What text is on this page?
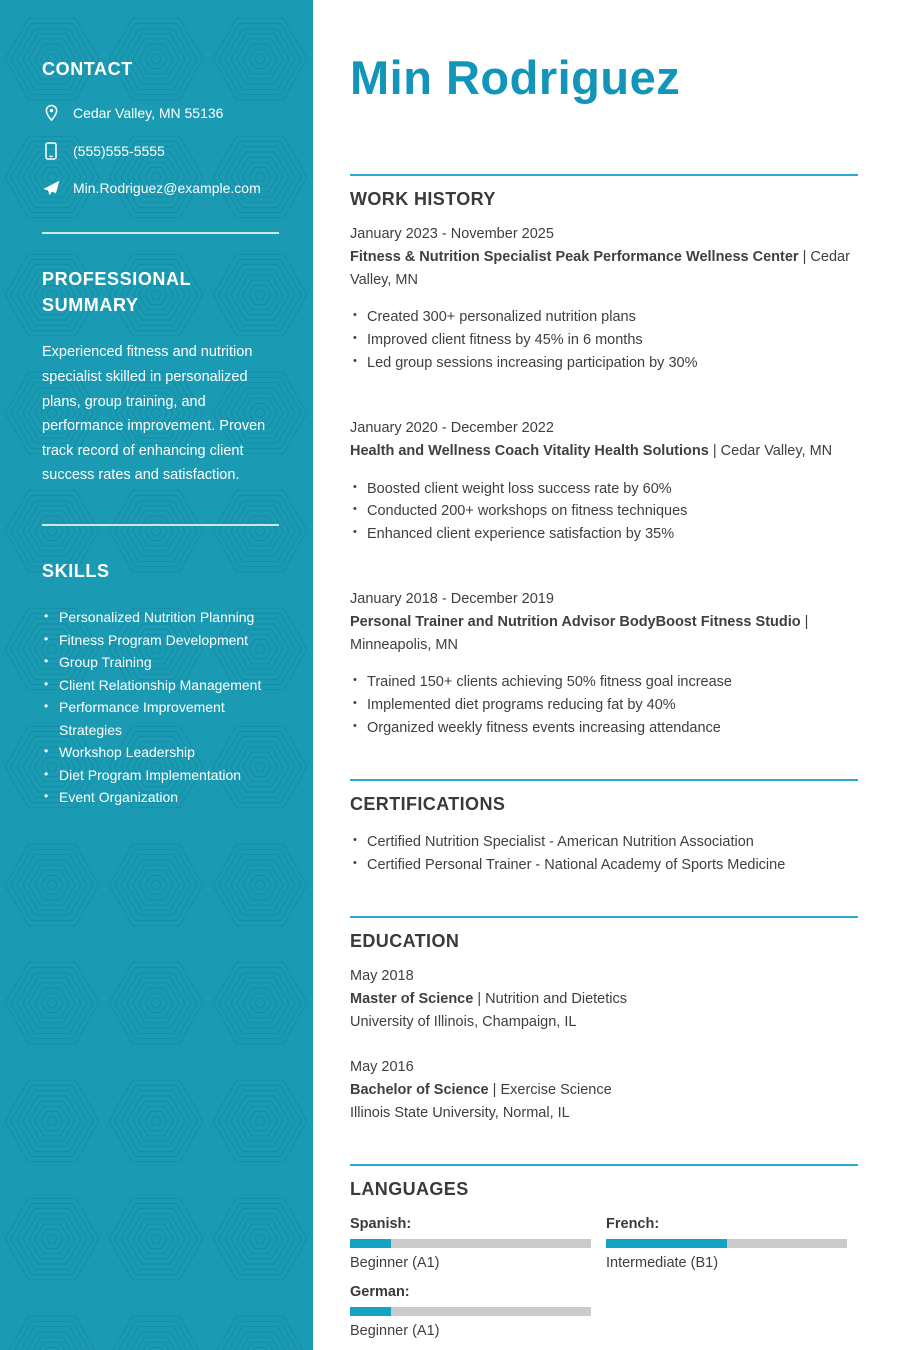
CONTACT
Cedar Valley, MN 55136
(555)555-5555
Min.Rodriguez@example.com
PROFESSIONAL SUMMARY

Experienced fitness and nutrition specialist skilled in personalized plans, group training, and performance improvement. Proven track record of enhancing client success rates and satisfaction.

SKILLS
• Personalized Nutrition Planning
• Fitness Program Development
• Group Training
• Client Relationship Management
• Performance Improvement Strategies
• Workshop Leadership
• Diet Program Implementation
• Event Organization
Min Rodriguez
WORK HISTORY

January 2023 - November 2025

Fitness & Nutrition Specialist Peak Performance Wellness Center | Cedar Valley, MN

• Created 300+ personalized nutrition plans
• Improved client fitness by 45% in 6 months
• Led group sessions increasing participation by 30%

January 2020 - December 2022

Health and Wellness Coach Vitality Health Solutions | Cedar Valley, MN

• Boosted client weight loss success rate by 60%
• Conducted 200+ workshops on fitness techniques
• Enhanced client experience satisfaction by 35%

January 2018 - December 2019

Personal Trainer and Nutrition Advisor BodyBoost Fitness Studio | Minneapolis, MN

• Trained 150+ clients achieving 50% fitness goal increase
• Implemented diet programs reducing fat by 40%
• Organized weekly fitness events increasing attendance
CERTIFICATIONS
• Certified Nutrition Specialist - American Nutrition Association
• Certified Personal Trainer - National Academy of Sports Medicine
EDUCATION

May 2018

Master of Science | Nutrition and Dietetics

University of Illinois, Champaign, IL

May 2016

Bachelor of Science | Exercise Science

Illinois State University, Normal, IL

LANGUAGES
Spanish:
Beginner (A1)
French:
Intermediate (B1)
German:
Beginner (A1)
